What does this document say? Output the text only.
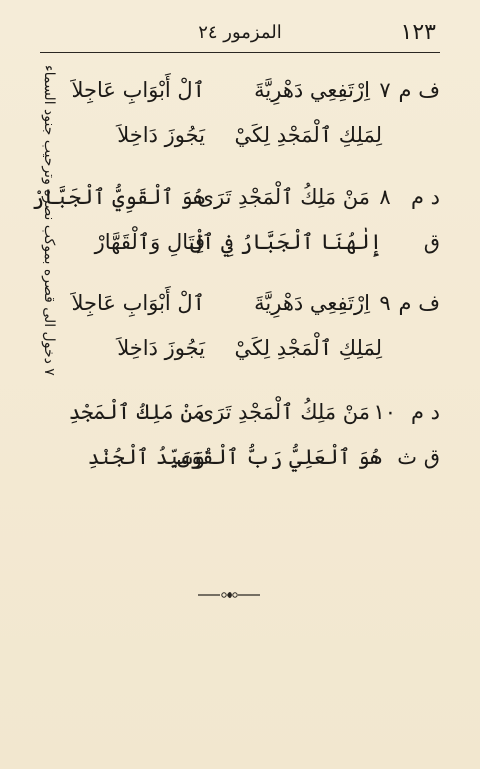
١٢٣
المزمور ٢٤
٧ دخول الى قصره بموكب نصره وترحيب جنود السماء
ف م
٧
اِرْتَفِعِي دَهْرِيَّةَ
ٱلْ أَبْوَابِ عَاجِلاَ
لِمَلِكِ ٱلْمَجْدِ لِكَيْ
يَجُوزَ دَاخِلاَ
د م
٨
مَنْ مَلِكُ ٱلْمَجْدِ تَرَى
هُوَ ٱلْقَوِيُّ ٱلْجَبَّارْ
ق
إِلٰهُنَا ٱلْجَبَّارُ فِي ٱلْ
قِتَالِ وَٱلْقَهَّارْ
ف م
٩
اِرْتَفِعِي دَهْرِيَّةَ
ٱلْ أَبْوَابِ عَاجِلاَ
لِمَلِكِ ٱلْمَجْدِ لِكَيْ
يَجُوزَ دَاخِلاَ
د م
١٠
مَنْ مَلِكُ ٱلْمَجْدِ تَرَى
مَنْ مَلِكُ ٱلْمَجْدِ
ق ث
هُوَ ٱلْعَلِيُّ رَبُّ ٱلْقُوَى
وَسَيِّدُ ٱلْجُنْدِ
